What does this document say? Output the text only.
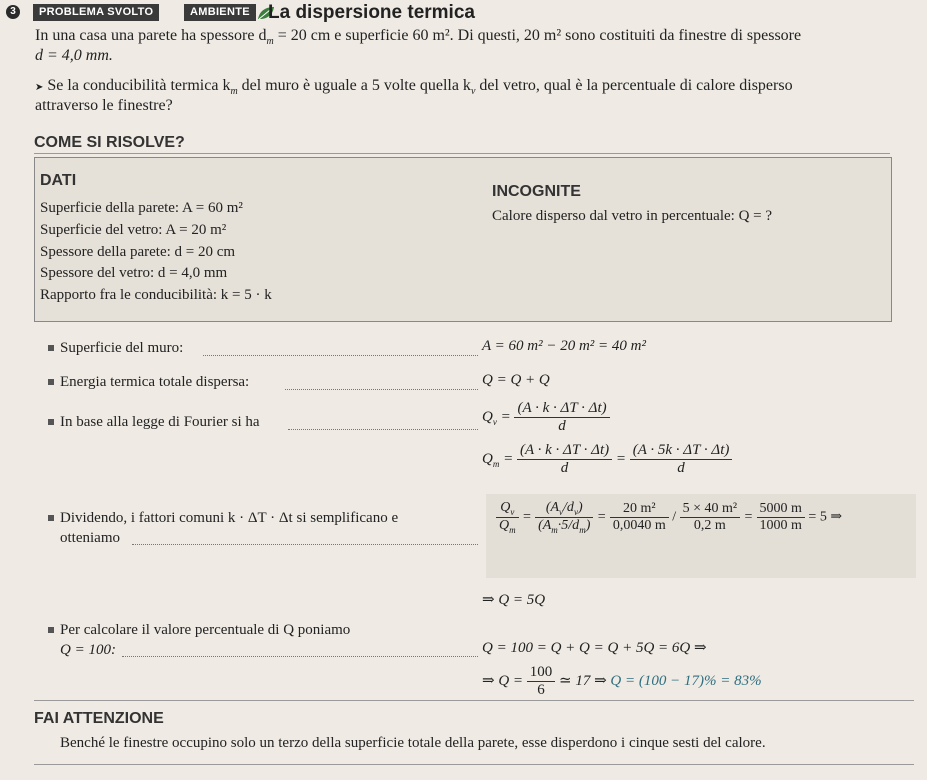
3	PROBLEMA SVOLTO	AMBIENTE La dispersione termica
In una casa una parete ha spessore $d_m = 20$ cm e superficie 60 m². Di questi, 20 m² sono costituiti da finestre di spessore
d = 4,0 mm.
➤ Se la conducibilità termica $k_m$ del muro è uguale a 5 volte quella $k_v$ del vetro, qual è la percentuale di calore disperso
attraverso le finestre?
COME SI RISOLVE?
DATI
Superficie della parete: A = 60 m²
Superficie del vetro: A = 20 m²
Spessore della parete: d = 20 cm
Spessore del vetro: d = 4,0 mm
Rapporto fra le conducibilità: k = 5 · k
INCOGNITE
Calore disperso dal vetro in percentuale: Q = ?
Superficie del muro:	A = 60 m² − 20 m² = 40 m²
Energia termica totale dispersa:	Q = Q + Q
In base alla legge di Fourier si ha	$Q_v = \frac{(A \cdot k \cdot \Delta T \cdot \Delta t)}{d}$
$Q_m = \frac{(A \cdot k \cdot \Delta T \cdot \Delta t)}{d} = \frac{(A \cdot 5k \cdot \Delta T \cdot \Delta t)}{d}$
Dividendo, i fattori comuni k · ΔT · Δt si semplificano e
otteniamo
$\frac{Q_v}{Q_m} = \frac{(A_v/d_v)}{(A_m\cdot 5/d_m)} = \frac{\text{20 m²}}{0,0040 m} / \frac{\text{5 × 40 m²}}{0,2 m} = \frac{5000 m}{1000 m} = 5$ ⇒
⇒ Q = 5Q
Per calcolare il valore percentuale di Q poniamo
Q = 100:	Q = 100 = Q + Q = Q + 5Q = 6Q ⇒
⇒ $Q = \frac{100}{6}$ ≃ 17 ⇒ Q = (100 − 17)% = 83%
FAI ATTENZIONE
Benché le finestre occupino solo un terzo della superficie totale della parete, esse disperdono i cinque sesti del calore.
